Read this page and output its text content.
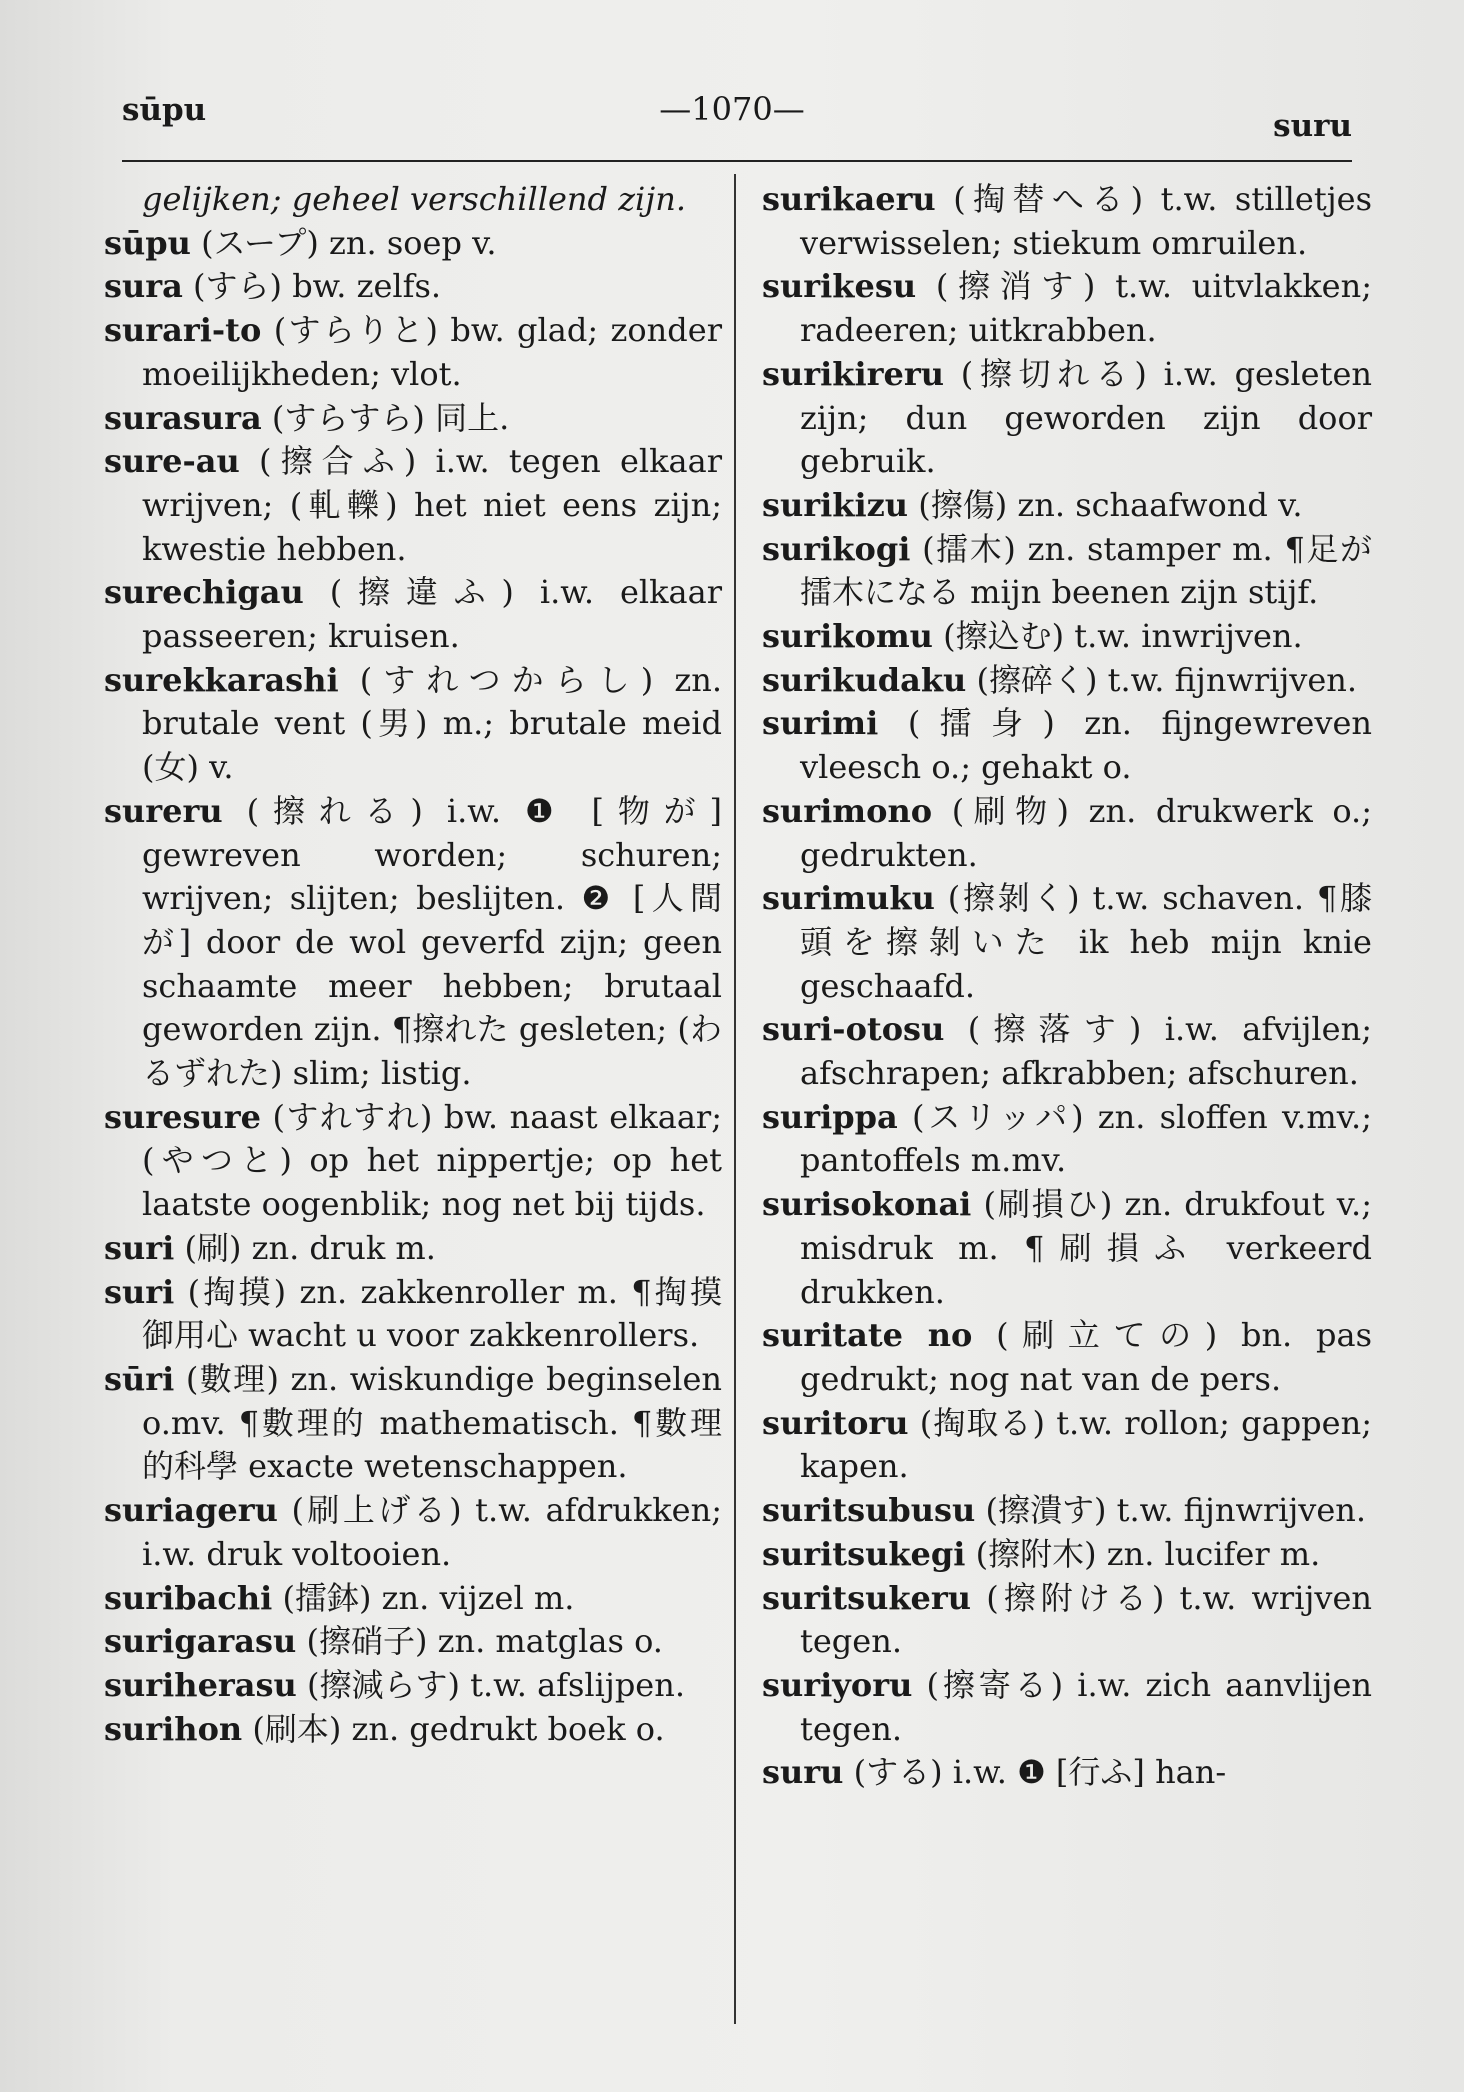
sūpu	—1070—	suru

gelijken; geheel verschillend zijn.

sūpu (スープ) zn. soep v.

sura (すら) bw. zelfs.

surari-to (すらりと) bw. glad; zonder moeilijkheden; vlot.

surasura (すらすら) 同上.

sure-au (擦合ふ) i.w. tegen elkaar wrijven; (軋轢) het niet eens zijn; kwestie hebben.

surechigau (擦違ふ) i.w. elkaar passeeren; kruisen.

surekkarashi (すれつからし) zn. brutale vent (男) m.; brutale meid (女) v.

sureru (擦れる) i.w. ❶ [物が] gewreven worden; schuren; wrijven; slijten; beslijten. ❷ [人間が] door de wol geverfd zijn; geen schaamte meer hebben; brutaal geworden zijn. ¶擦れた gesleten; (わるずれた) slim; listig.

suresure (すれすれ) bw. naast elkaar; (やつと) op het nippertje; op het laatste oogenblik; nog net bij tijds.

suri (刷) zn. druk m.

suri (掏摸) zn. zakkenroller m. ¶掏摸御用心 wacht u voor zakkenrollers.

sūri (數理) zn. wiskundige beginselen o.mv. ¶數理的 mathematisch. ¶數理的科學 exacte wetenschappen.

suriageru (刷上げる) t.w. afdrukken; i.w. druk voltooien.

suribachi (擂鉢) zn. vijzel m.

surigarasu (擦硝子) zn. matglas o.

suriherasu (擦減らす) t.w. afslijpen.

surihon (刷本) zn. gedrukt boek o.

surikaeru (掏替へる) t.w. stilletjes verwisselen; stiekum omruilen.

surikesu (擦消す) t.w. uitvlakken; radeeren; uitkrabben.

surikireru (擦切れる) i.w. gesleten zijn; dun geworden zijn door gebruik.

surikizu (擦傷) zn. schaafwond v.

surikogi (擂木) zn. stamper m. ¶足が擂木になる mijn beenen zijn stijf.

surikomu (擦込む) t.w. inwrijven.

surikudaku (擦碎く) t.w. fijnwrijven.

surimi (擂身) zn. fijngewreven vleesch o.; gehakt o.

surimono (刷物) zn. drukwerk o.; gedrukten.

surimuku (擦剝く) t.w. schaven. ¶膝頭を擦剝いた ik heb mijn knie geschaafd.

suri-otosu (擦落す) i.w. afvijlen; afschrapen; afkrabben; afschuren.

surippa (スリッパ) zn. sloffen v.mv.; pantoffels m.mv.

surisokonai (刷損ひ) zn. drukfout v.; misdruk m. ¶刷損ふ verkeerd drukken.

suritate no (刷立ての) bn. pas gedrukt; nog nat van de pers.

suritoru (掏取る) t.w. rollon; gappen; kapen.

suritsubusu (擦潰す) t.w. fijnwrijven.

suritsukegi (擦附木) zn. lucifer m.

suritsukeru (擦附ける) t.w. wrijven tegen.

suriyoru (擦寄る) i.w. zich aanvlijen tegen.

suru (する) i.w. ❶ [行ふ] han-
